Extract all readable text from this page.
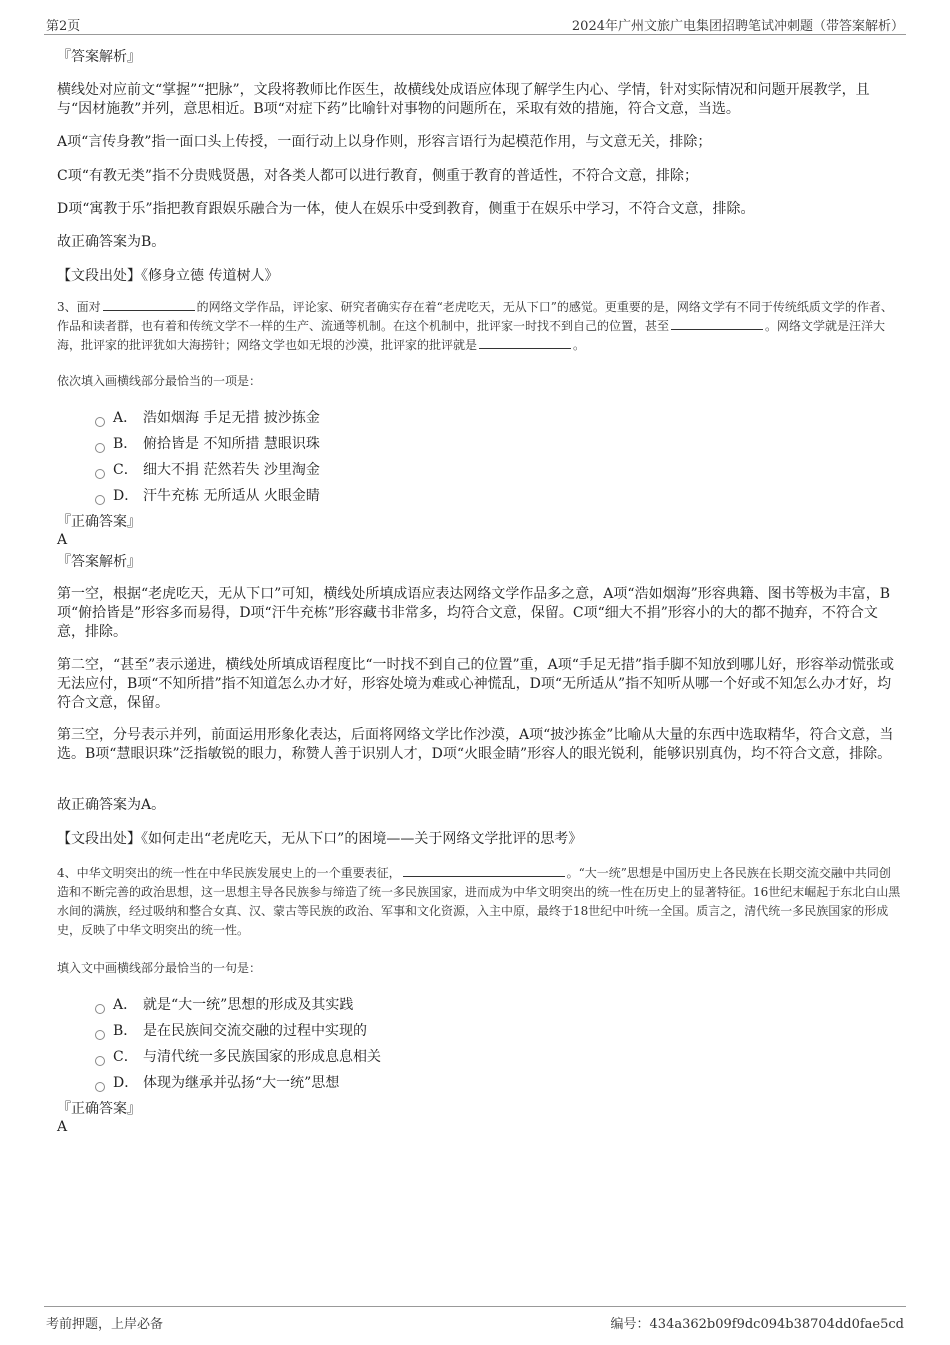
第2页	2024年广州文旅广电集团招聘笔试冲刺题（带答案解析）
『答案解析』
横线处对应前文“掌握”“把脉”，文段将教师比作医生，故横线处成语应体现了解学生内心、学情，针对实际情况和问题开展教学，且与“因材施教”并列，意思相近。B项“对症下药”比喻针对事物的问题所在，采取有效的措施，符合文意，当选。
A项“言传身教”指一面口头上传授，一面行动上以身作则，形容言语行为起模范作用，与文意无关，排除；
C项“有教无类”指不分贵贱贤愚，对各类人都可以进行教育，侧重于教育的普适性，不符合文意，排除；
D项“寓教于乐”指把教育跟娱乐融合为一体，使人在娱乐中受到教育，侧重于在娱乐中学习，不符合文意，排除。
故正确答案为B。
【文段出处】《修身立德 传道树人》
3、面对	的网络文学作品，评论家、研究者确实存在着“老虎吃天，无从下口”的感觉。更重要的是，网络文学有不同于传统纸质文学的作者、作品和读者群，也有着和传统文学不一样的生产、流通等机制。在这个机制中，批评家一时找不到自己的位置，甚至	。网络文学就是汪洋大海，批评家的批评犹如大海捞针；网络文学也如无垠的沙漠，批评家的批评就是	。
依次填入画横线部分最恰当的一项是：
A． 浩如烟海 手足无措 披沙拣金
B． 俯拾皆是 不知所措 慧眼识珠
C． 细大不捐 茫然若失 沙里淘金
D． 汗牛充栋 无所适从 火眼金睛
『正确答案』
A
『答案解析』
第一空，根据“老虎吃天，无从下口”可知，横线处所填成语应表达网络文学作品多之意，A项“浩如烟海”形容典籍、图书等极为丰富，B项“俯拾皆是”形容多而易得，D项“汗牛充栋”形容藏书非常多，均符合文意，保留。C项“细大不捐”形容小的大的都不抛弃，不符合文意，排除。
第二空，“甚至”表示递进，横线处所填成语程度比“一时找不到自己的位置”重，A项“手足无措”指手脚不知放到哪儿好，形容举动慌张或无法应付，B项“不知所措”指不知道怎么办才好，形容处境为难或心神慌乱，D项“无所适从”指不知听从哪一个好或不知怎么办才好，均符合文意，保留。
第三空，分号表示并列，前面运用形象化表达，后面将网络文学比作沙漠，A项“披沙拣金”比喻从大量的东西中选取精华，符合文意，当选。B项“慧眼识珠”泛指敏锐的眼力，称赞人善于识别人才，D项“火眼金睛”形容人的眼光锐利，能够识别真伪，均不符合文意，排除。
故正确答案为A。
【文段出处】《如何走出“老虎吃天，无从下口”的困境——关于网络文学批评的思考》
4、中华文明突出的统一性在中华民族发展史上的一个重要表征，	。“大一统”思想是中国历史上各民族在长期交流交融中共同创造和不断完善的政治思想，这一思想主导各民族参与缔造了统一多民族国家，进而成为中华文明突出的统一性在历史上的显著特征。16世纪末崛起于东北白山黑水间的满族，经过吸纳和整合女真、汉、蒙古等民族的政治、军事和文化资源，入主中原，最终于18世纪中叶统一全国。质言之，清代统一多民族国家的形成史，反映了中华文明突出的统一性。
填入文中画横线部分最恰当的一句是：
A． 就是“大一统”思想的形成及其实践
B． 是在民族间交流交融的过程中实现的
C． 与清代统一多民族国家的形成息息相关
D． 体现为继承并弘扬“大一统”思想
『正确答案』
A
考前押题，上岸必备	编号：434a362b09f9dc094b38704dd0fae5cd
